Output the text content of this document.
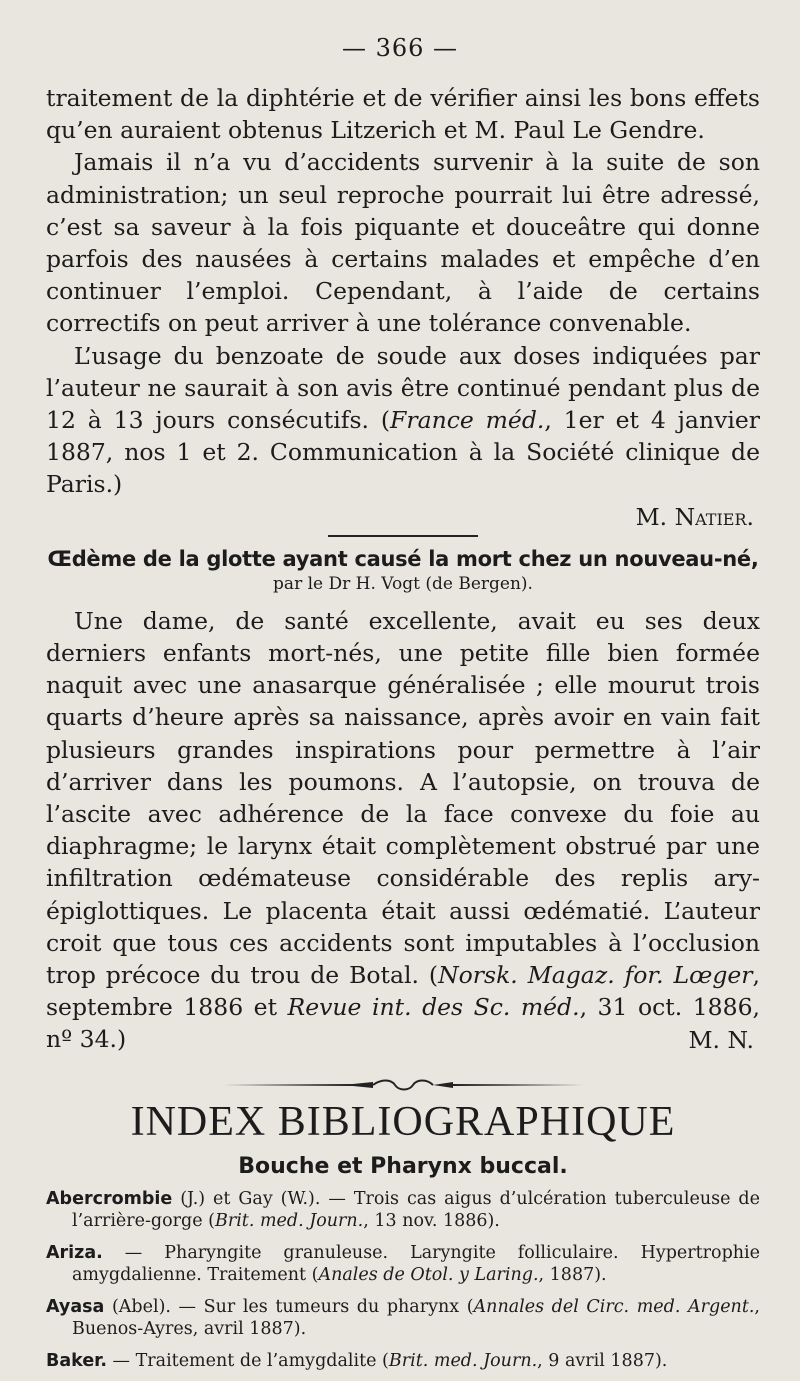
— 366 —

traitement de la diphtérie et de vérifier ainsi les bons effets qu’en auraient obtenus Litzerich et M. Paul Le Gendre.

Jamais il n’a vu d’accidents survenir à la suite de son administration; un seul reproche pourrait lui être adressé, c’est sa saveur à la fois piquante et douceâtre qui donne parfois des nausées à certains malades et empêche d’en continuer l’emploi. Cependant, à l’aide de certains correctifs on peut arriver à une tolérance convenable.

L’usage du benzoate de soude aux doses indiquées par l’auteur ne saurait à son avis être continué pendant plus de 12 à 13 jours consécutifs. (France méd., 1er et 4 janvier 1887, nos 1 et 2. Communication à la Société clinique de Paris.)

M. Natier.
Œdème de la glotte ayant causé la mort chez un nouveau-né,
par le Dr H. Vogt (de Bergen).

Une dame, de santé excellente, avait eu ses deux derniers enfants mort-nés, une petite fille bien formée naquit avec une anasarque généralisée ; elle mourut trois quarts d’heure après sa naissance, après avoir en vain fait plusieurs grandes inspirations pour permettre à l’air d’arriver dans les poumons. A l’autopsie, on trouva de l’ascite avec adhérence de la face convexe du foie au diaphragme; le larynx était complètement obstrué par une infiltration œdémateuse considérable des replis ary-épiglottiques. Le placenta était aussi œdématié. L’auteur croit que tous ces accidents sont imputables à l’occlusion trop précoce du trou de Botal. (Norsk. Magaz. for. Lœger, septembre 1886 et Revue int. des Sc. méd., 31 oct. 1886, nº 34.)	M. N.
INDEX BIBLIOGRAPHIQUE
Bouche et Pharynx buccal.
Abercrombie (J.) et Gay (W.). — Trois cas aigus d’ulcération tuberculeuse de l’arrière-gorge (Brit. med. Journ., 13 nov. 1886).
Ariza. — Pharyngite granuleuse. Laryngite folliculaire. Hypertrophie amygdalienne. Traitement (Anales de Otol. y Laring., 1887).
Ayasa (Abel). — Sur les tumeurs du pharynx (Annales del Circ. med. Argent., Buenos-Ayres, avril 1887).
Baker. — Traitement de l’amygdalite (Brit. med. Journ., 9 avril 1887).
